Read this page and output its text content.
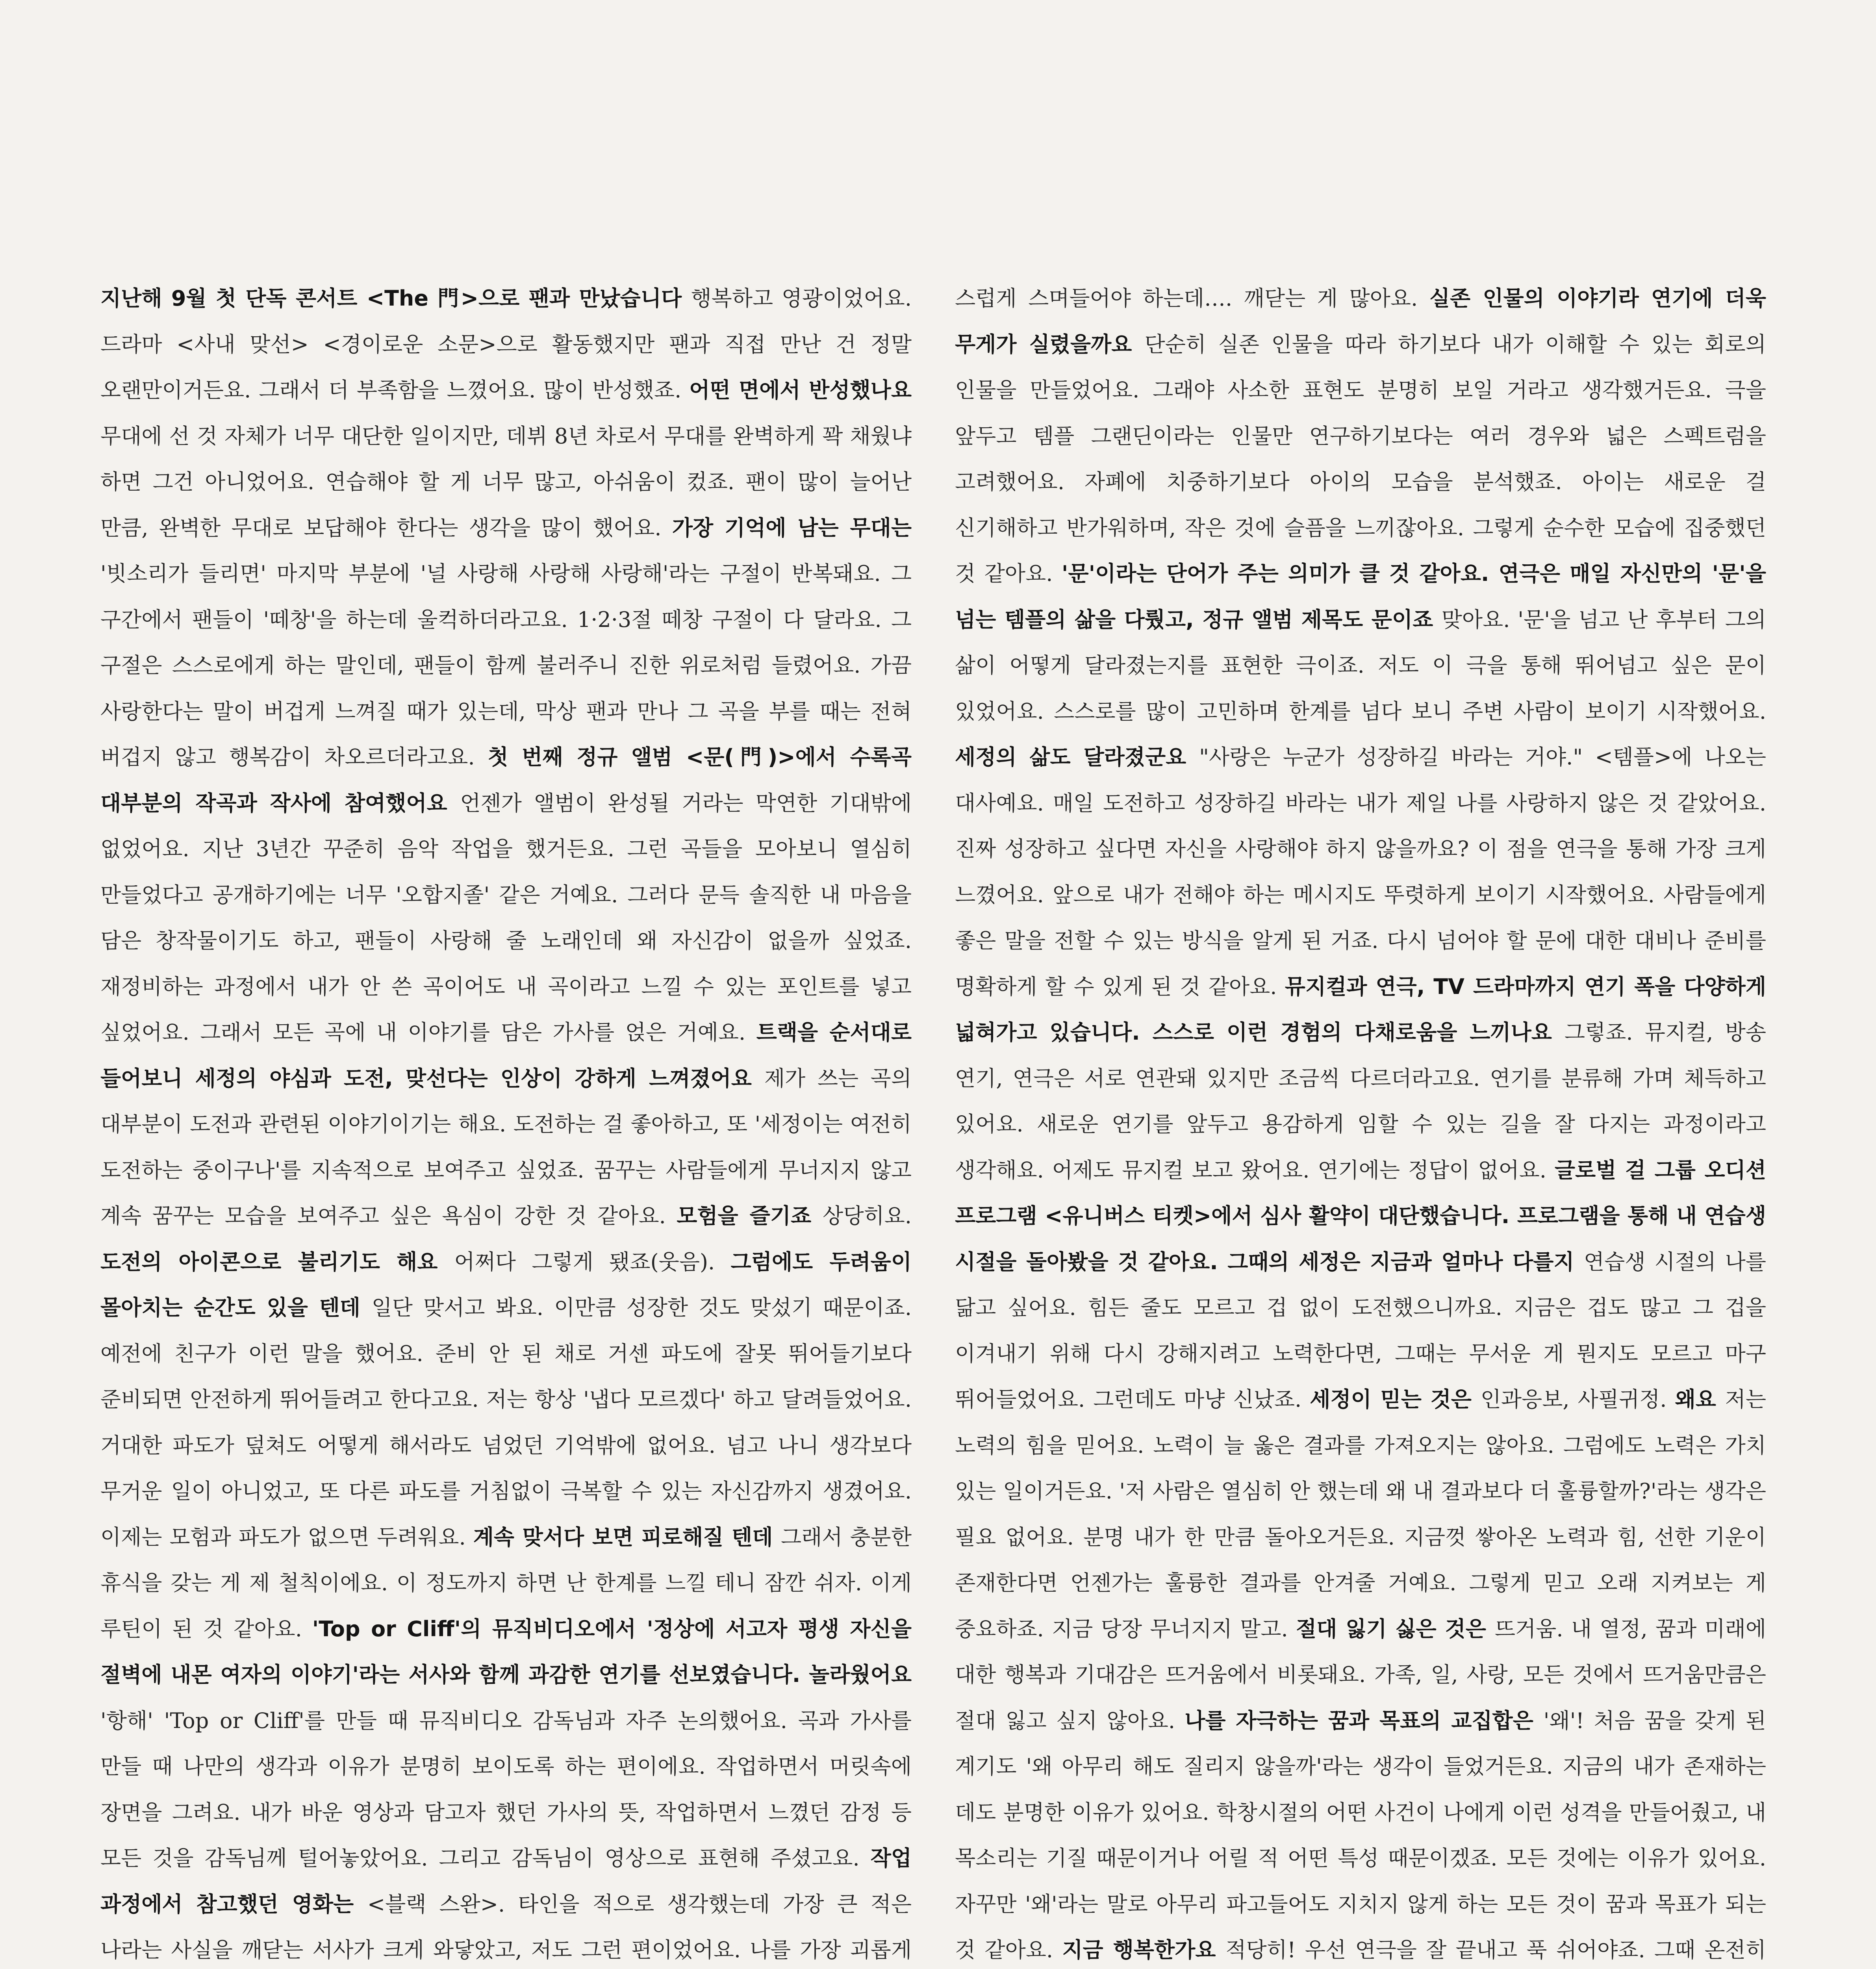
지난해 9월 첫 단독 콘서트 <The 門>으로 팬과 만났습니다 행복하고 영광이었어요. 드라마 <사내 맞선> <경이로운 소문>으로 활동했지만 팬과 직접 만난 건 정말 오랜만이거든요. 그래서 더 부족함을 느꼈어요. 많이 반성했죠. 어떤 면에서 반성했나요 무대에 선 것 자체가 너무 대단한 일이지만, 데뷔 8년 차로서 무대를 완벽하게 꽉 채웠냐 하면 그건 아니었어요. 연습해야 할 게 너무 많고, 아쉬움이 컸죠. 팬이 많이 늘어난 만큼, 완벽한 무대로 보답해야 한다는 생각을 많이 했어요. 가장 기억에 남는 무대는 '빗소리가 들리면' 마지막 부분에 '널 사랑해 사랑해 사랑해'라는 구절이 반복돼요. 그 구간에서 팬들이 '떼창'을 하는데 울컥하더라고요. 1·2·3절 떼창 구절이 다 달라요. 그 구절은 스스로에게 하는 말인데, 팬들이 함께 불러주니 진한 위로처럼 들렸어요. 가끔 사랑한다는 말이 버겁게 느껴질 때가 있는데, 막상 팬과 만나 그 곡을 부를 때는 전혀 버겁지 않고 행복감이 차오르더라고요. 첫 번째 정규 앨범 <문(門)>에서 수록곡 대부분의 작곡과 작사에 참여했어요 언젠가 앨범이 완성될 거라는 막연한 기대밖에 없었어요. 지난 3년간 꾸준히 음악 작업을 했거든요. 그런 곡들을 모아보니 열심히 만들었다고 공개하기에는 너무 '오합지졸' 같은 거예요. 그러다 문득 솔직한 내 마음을 담은 창작물이기도 하고, 팬들이 사랑해 줄 노래인데 왜 자신감이 없을까 싶었죠. 재정비하는 과정에서 내가 안 쓴 곡이어도 내 곡이라고 느낄 수 있는 포인트를 넣고 싶었어요. 그래서 모든 곡에 내 이야기를 담은 가사를 얹은 거예요. 트랙을 순서대로 들어보니 세정의 야심과 도전, 맞선다는 인상이 강하게 느껴졌어요 제가 쓰는 곡의 대부분이 도전과 관련된 이야기이기는 해요. 도전하는 걸 좋아하고, 또 '세정이는 여전히 도전하는 중이구나'를 지속적으로 보여주고 싶었죠. 꿈꾸는 사람들에게 무너지지 않고 계속 꿈꾸는 모습을 보여주고 싶은 욕심이 강한 것 같아요. 모험을 즐기죠 상당히요. 도전의 아이콘으로 불리기도 해요 어쩌다 그렇게 됐죠(웃음). 그럼에도 두려움이 몰아치는 순간도 있을 텐데 일단 맞서고 봐요. 이만큼 성장한 것도 맞섰기 때문이죠. 예전에 친구가 이런 말을 했어요. 준비 안 된 채로 거센 파도에 잘못 뛰어들기보다 준비되면 안전하게 뛰어들려고 한다고요. 저는 항상 '냅다 모르겠다' 하고 달려들었어요. 거대한 파도가 덮쳐도 어떻게 해서라도 넘었던 기억밖에 없어요. 넘고 나니 생각보다 무거운 일이 아니었고, 또 다른 파도를 거침없이 극복할 수 있는 자신감까지 생겼어요. 이제는 모험과 파도가 없으면 두려워요. 계속 맞서다 보면 피로해질 텐데 그래서 충분한 휴식을 갖는 게 제 철칙이에요. 이 정도까지 하면 난 한계를 느낄 테니 잠깐 쉬자. 이게 루틴이 된 것 같아요. 'Top or Cliff'의 뮤직비디오에서 '정상에 서고자 평생 자신을 절벽에 내몬 여자의 이야기'라는 서사와 함께 과감한 연기를 선보였습니다. 놀라웠어요 '항해' 'Top or Cliff'를 만들 때 뮤직비디오 감독님과 자주 논의했어요. 곡과 가사를 만들 때 나만의 생각과 이유가 분명히 보이도록 하는 편이에요. 작업하면서 머릿속에 장면을 그려요. 내가 바운 영상과 담고자 했던 가사의 뜻, 작업하면서 느꼈던 감정 등 모든 것을 감독님께 털어놓았어요. 그리고 감독님이 영상으로 표현해 주셨고요. 작업 과정에서 참고했던 영화는 <블랙 스완>. 타인을 적으로 생각했는데 가장 큰 적은 나라는 사실을 깨닫는 서사가 크게 와닿았고, 저도 그런 편이었어요. 나를 가장 괴롭게

스럽게 스며들어야 하는데…. 깨닫는 게 많아요. 실존 인물의 이야기라 연기에 더욱 무게가 실렸을까요 단순히 실존 인물을 따라 하기보다 내가 이해할 수 있는 회로의 인물을 만들었어요. 그래야 사소한 표현도 분명히 보일 거라고 생각했거든요. 극을 앞두고 템플 그랜딘이라는 인물만 연구하기보다는 여러 경우와 넓은 스펙트럼을 고려했어요. 자폐에 치중하기보다 아이의 모습을 분석했죠. 아이는 새로운 걸 신기해하고 반가워하며, 작은 것에 슬픔을 느끼잖아요. 그렇게 순수한 모습에 집중했던 것 같아요. '문'이라는 단어가 주는 의미가 클 것 같아요. 연극은 매일 자신만의 '문'을 넘는 템플의 삶을 다뤘고, 정규 앨범 제목도 문이죠 맞아요. '문'을 넘고 난 후부터 그의 삶이 어떻게 달라졌는지를 표현한 극이죠. 저도 이 극을 통해 뛰어넘고 싶은 문이 있었어요. 스스로를 많이 고민하며 한계를 넘다 보니 주변 사람이 보이기 시작했어요. 세정의 삶도 달라졌군요 "사랑은 누군가 성장하길 바라는 거야." <템플>에 나오는 대사예요. 매일 도전하고 성장하길 바라는 내가 제일 나를 사랑하지 않은 것 같았어요. 진짜 성장하고 싶다면 자신을 사랑해야 하지 않을까요? 이 점을 연극을 통해 가장 크게 느꼈어요. 앞으로 내가 전해야 하는 메시지도 뚜렷하게 보이기 시작했어요. 사람들에게 좋은 말을 전할 수 있는 방식을 알게 된 거죠. 다시 넘어야 할 문에 대한 대비나 준비를 명확하게 할 수 있게 된 것 같아요. 뮤지컬과 연극, TV 드라마까지 연기 폭을 다양하게 넓혀가고 있습니다. 스스로 이런 경험의 다채로움을 느끼나요 그렇죠. 뮤지컬, 방송 연기, 연극은 서로 연관돼 있지만 조금씩 다르더라고요. 연기를 분류해 가며 체득하고 있어요. 새로운 연기를 앞두고 용감하게 임할 수 있는 길을 잘 다지는 과정이라고 생각해요. 어제도 뮤지컬 보고 왔어요. 연기에는 정답이 없어요. 글로벌 걸 그룹 오디션 프로그램 <유니버스 티켓>에서 심사 활약이 대단했습니다. 프로그램을 통해 내 연습생 시절을 돌아봤을 것 같아요. 그때의 세정은 지금과 얼마나 다를지 연습생 시절의 나를 닮고 싶어요. 힘든 줄도 모르고 겁 없이 도전했으니까요. 지금은 겁도 많고 그 겁을 이겨내기 위해 다시 강해지려고 노력한다면, 그때는 무서운 게 뭔지도 모르고 마구 뛰어들었어요. 그런데도 마냥 신났죠. 세정이 믿는 것은 인과응보, 사필귀정. 왜요 저는 노력의 힘을 믿어요. 노력이 늘 옳은 결과를 가져오지는 않아요. 그럼에도 노력은 가치 있는 일이거든요. '저 사람은 열심히 안 했는데 왜 내 결과보다 더 훌륭할까?'라는 생각은 필요 없어요. 분명 내가 한 만큼 돌아오거든요. 지금껏 쌓아온 노력과 힘, 선한 기운이 존재한다면 언젠가는 훌륭한 결과를 안겨줄 거예요. 그렇게 믿고 오래 지켜보는 게 중요하죠. 지금 당장 무너지지 말고. 절대 잃기 싫은 것은 뜨거움. 내 열정, 꿈과 미래에 대한 행복과 기대감은 뜨거움에서 비롯돼요. 가족, 일, 사랑, 모든 것에서 뜨거움만큼은 절대 잃고 싶지 않아요. 나를 자극하는 꿈과 목표의 교집합은 '왜'! 처음 꿈을 갖게 된 계기도 '왜 아무리 해도 질리지 않을까'라는 생각이 들었거든요. 지금의 내가 존재하는 데도 분명한 이유가 있어요. 학창시절의 어떤 사건이 나에게 이런 성격을 만들어줬고, 내 목소리는 기질 때문이거나 어릴 적 어떤 특성 때문이겠죠. 모든 것에는 이유가 있어요. 자꾸만 '왜'라는 말로 아무리 파고들어도 지치지 않게 하는 모든 것이 꿈과 목표가 되는 것 같아요. 지금 행복한가요 적당히! 우선 연극을 잘 끝내고 푹 쉬어야죠. 그때 온전히
